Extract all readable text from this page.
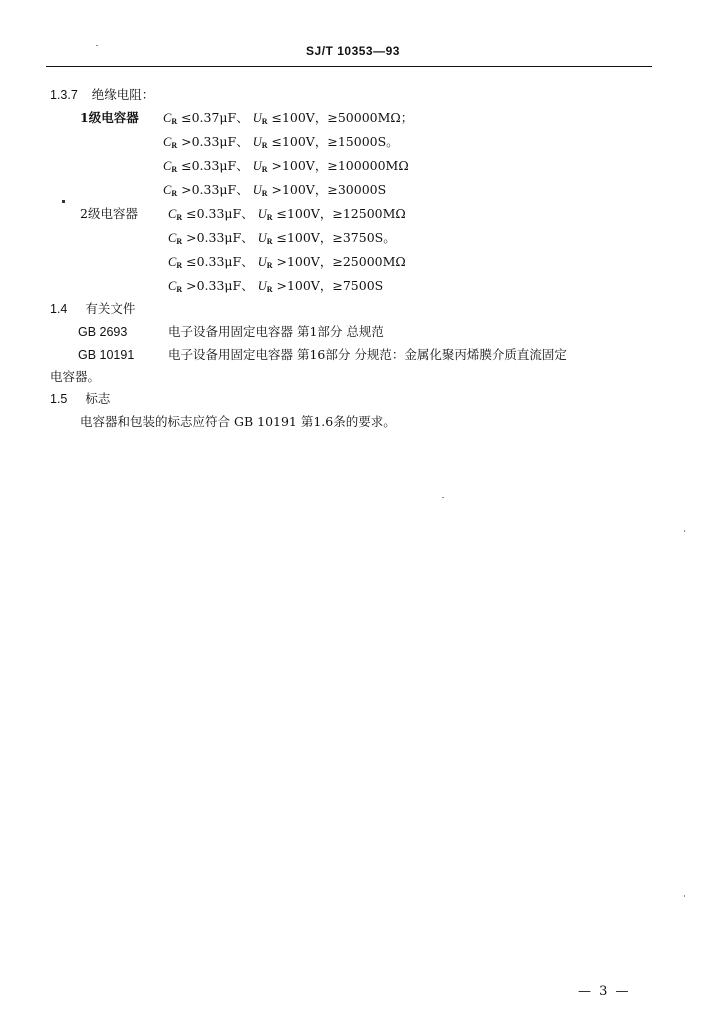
SJ/T 10353—93
1.3.7 绝缘电阻：
1级电容器 $C_R \le 0.37\mu F$、 $U_R \le 100V$，≥50000MΩ；
$C_R >0.33\mu F$、 $U_R \le 100V$，≥15000S。
$C_R \le 0.33\mu F$、 $U_R >100V$，≥100000MΩ
$C_R >0.33\mu F$、 $U_R >100V$，≥30000S
2级电容器 $C_R \le 0.33\mu F$、 $U_R \le 100V$，≥12500MΩ
$C_R >0.33\mu F$、 $U_R \le 100V$，≥3750S。
$C_R \le 0.33\mu F$、 $U_R >100V$，≥25000MΩ
$C_R >0.33\mu F$、 $U_R >100V$，≥7500S
1.4 有关文件
GB 2693	电子设备用固定电容器 第1部分 总规范
GB 10191	电子设备用固定电容器 第16部分 分规范：金属化聚丙烯膜介质直流固定
电容器。
1.5 标志
电容器和包装的标志应符合 GB 10191 第1.6条的要求。
— 3 —
